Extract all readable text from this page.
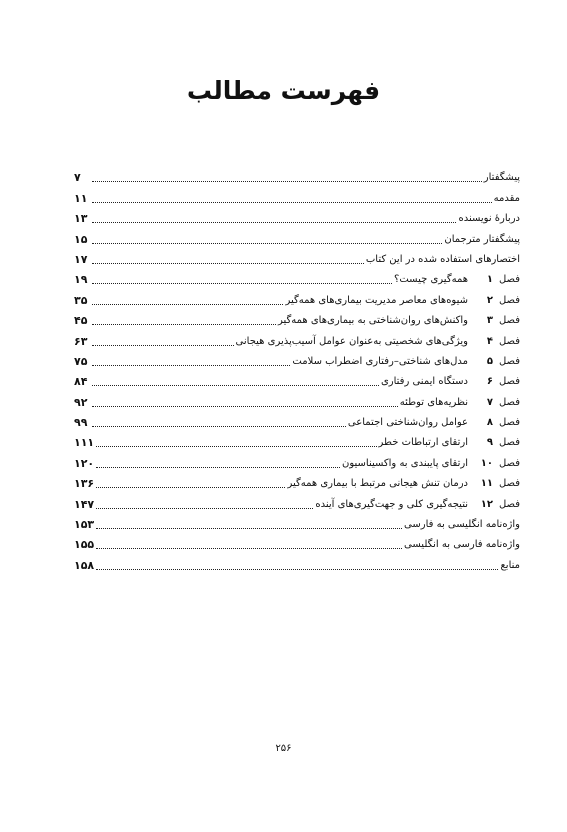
فهرست مطالب
پیشگفتار
۷
مقدمه
۱۱
دربارهٔ نویسنده
۱۳
پیشگفتار مترجمان
۱۵
اختصارهای استفاده شده در این کتاب
۱۷
فصل۱
همه‌گیری چیست؟
۱۹
فصل۲
شیوه‌های معاصر مدیریت بیماری‌های همه‌گیر
۳۵
فصل۳
واکنش‌های روان‌شناختی به بیماری‌های همه‌گیر
۴۵
فصل۴
ویژگی‌های شخصیتی به‌عنوان عوامل آسیب‌پذیری هیجانی
۶۳
فصل۵
مدل‌های شناختی–رفتاری اضطراب سلامت
۷۵
فصل۶
دستگاه ایمنی رفتاری
۸۴
فصل۷
نظریه‌های توطئه
۹۲
فصل۸
عوامل روان‌شناختی اجتماعی
۹۹
فصل۹
ارتقای ارتباطات خطر
۱۱۱
فصل۱۰
ارتقای پایبندی به واکسیناسیون
۱۲۰
فصل۱۱
درمان تنش هیجانی مرتبط با بیماری همه‌گیر
۱۳۶
فصل۱۲
نتیجه‌گیری کلی و جهت‌گیری‌های آینده
۱۴۷
واژه‌نامه انگلیسی به فارسی
۱۵۳
واژه‌نامه فارسی به انگلیسی
۱۵۵
منابع
۱۵۸
۲۵۶
